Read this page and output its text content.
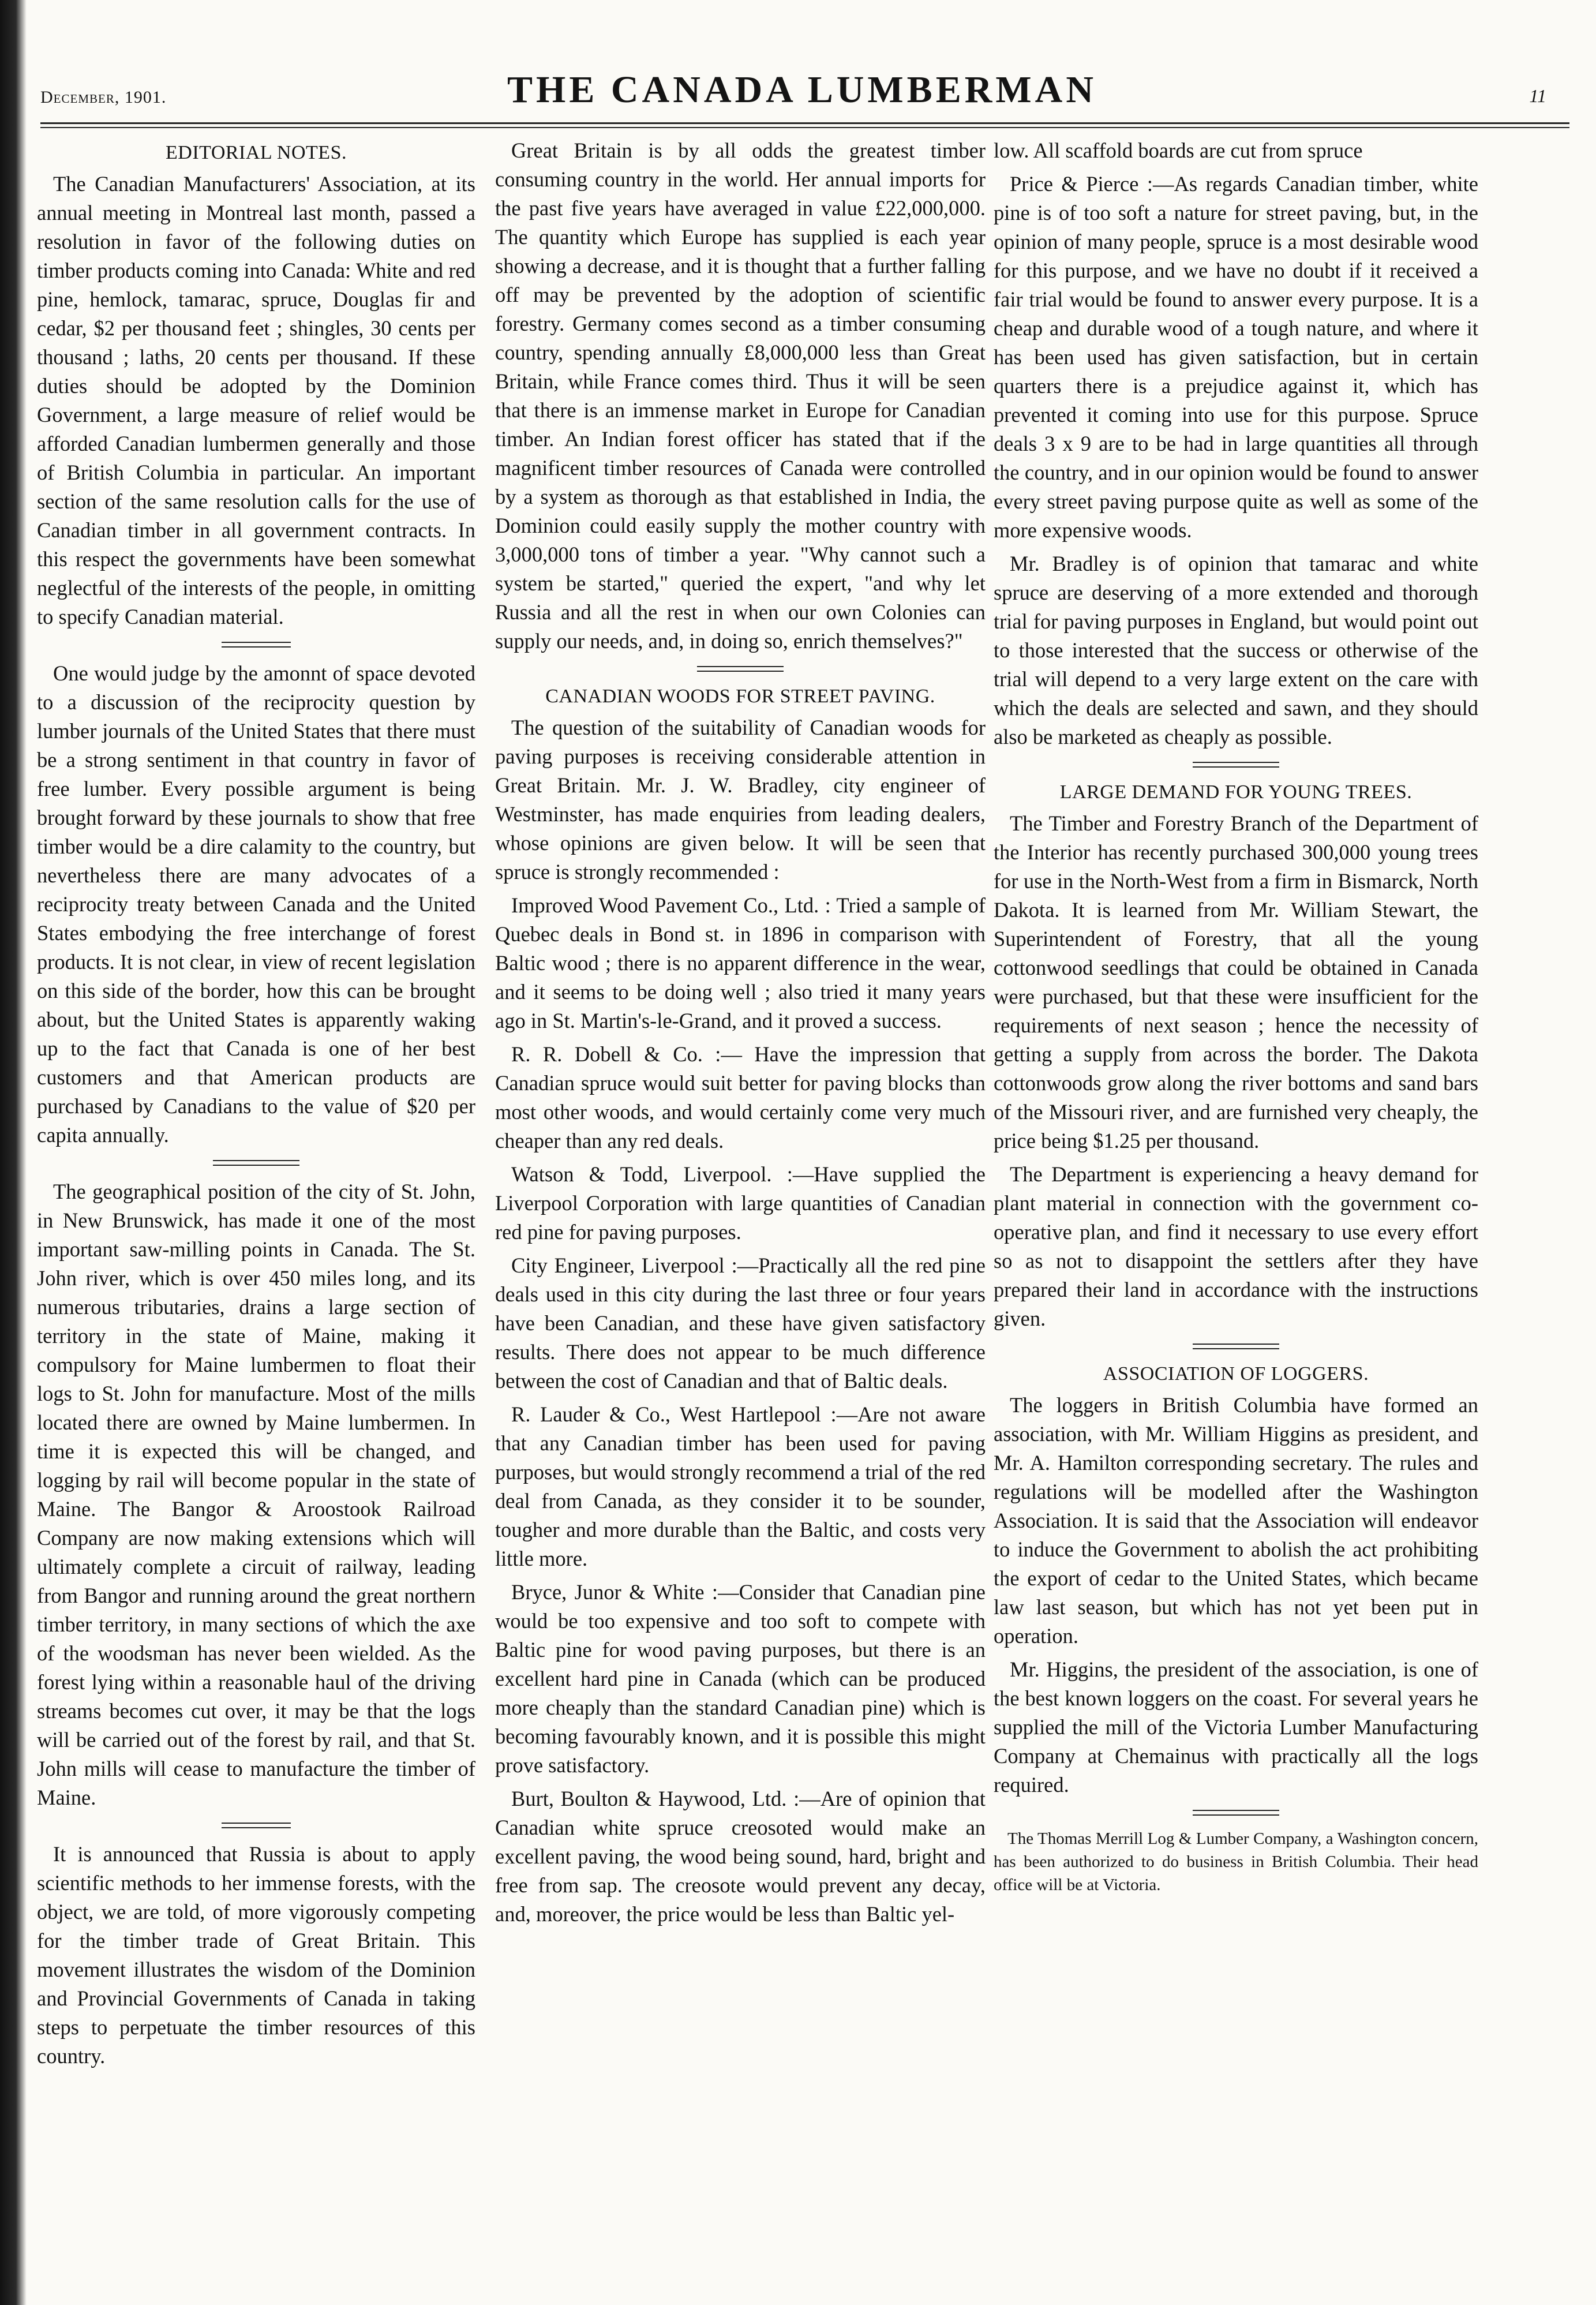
December, 1901.	THE CANADA LUMBERMAN	11
EDITORIAL NOTES.

The Canadian Manufacturers' Association, at its annual meeting in Montreal last month, passed a resolution in favor of the following duties on timber products coming into Canada: White and red pine, hemlock, tamarac, spruce, Douglas fir and cedar, $2 per thousand feet ; shingles, 30 cents per thousand ; laths, 20 cents per thousand. If these duties should be adopted by the Dominion Government, a large measure of relief would be afforded Canadian lumbermen generally and those of British Columbia in particular. An important section of the same resolution calls for the use of Canadian timber in all government contracts. In this respect the governments have been somewhat neglectful of the interests of the people, in omitting to specify Canadian material.

One would judge by the amonnt of space devoted to a discussion of the reciprocity question by lumber journals of the United States that there must be a strong sentiment in that country in favor of free lumber. Every possible argument is being brought forward by these journals to show that free timber would be a dire calamity to the country, but nevertheless there are many advocates of a reciprocity treaty between Canada and the United States embodying the free interchange of forest products. It is not clear, in view of recent legislation on this side of the border, how this can be brought about, but the United States is apparently waking up to the fact that Canada is one of her best customers and that American products are purchased by Canadians to the value of $20 per capita annually.

The geographical position of the city of St. John, in New Brunswick, has made it one of the most important saw-milling points in Canada. The St. John river, which is over 450 miles long, and its numerous tributaries, drains a large section of territory in the state of Maine, making it compulsory for Maine lumbermen to float their logs to St. John for manufacture. Most of the mills located there are owned by Maine lumbermen. In time it is expected this will be changed, and logging by rail will become popular in the state of Maine. The Bangor & Aroostook Railroad Company are now making extensions which will ultimately complete a circuit of railway, leading from Bangor and running around the great northern timber territory, in many sections of which the axe of the woodsman has never been wielded. As the forest lying within a reasonable haul of the driving streams becomes cut over, it may be that the logs will be carried out of the forest by rail, and that St. John mills will cease to manufacture the timber of Maine.

It is announced that Russia is about to apply scientific methods to her immense forests, with the object, we are told, of more vigorously competing for the timber trade of Great Britain. This movement illustrates the wisdom of the Dominion and Provincial Governments of Canada in taking steps to perpetuate the timber resources of this country.

Great Britain is by all odds the greatest timber consuming country in the world. Her annual imports for the past five years have averaged in value £22,000,000. The quantity which Europe has supplied is each year showing a decrease, and it is thought that a further falling off may be prevented by the adoption of scientific forestry. Germany comes second as a timber consuming country, spending annually £8,000,000 less than Great Britain, while France comes third. Thus it will be seen that there is an immense market in Europe for Canadian timber. An Indian forest officer has stated that if the magnificent timber resources of Canada were controlled by a system as thorough as that established in India, the Dominion could easily supply the mother country with 3,000,000 tons of timber a year. "Why cannot such a system be started," queried the expert, "and why let Russia and all the rest in when our own Colonies can supply our needs, and, in doing so, enrich themselves?"

CANADIAN WOODS FOR STREET PAVING.

The question of the suitability of Canadian woods for paving purposes is receiving considerable attention in Great Britain. Mr. J. W. Bradley, city engineer of Westminster, has made enquiries from leading dealers, whose opinions are given below. It will be seen that spruce is strongly recommended :

Improved Wood Pavement Co., Ltd. : Tried a sample of Quebec deals in Bond st. in 1896 in comparison with Baltic wood ; there is no apparent difference in the wear, and it seems to be doing well ; also tried it many years ago in St. Martin's-le-Grand, and it proved a success.

R. R. Dobell & Co. :— Have the impression that Canadian spruce would suit better for paving blocks than most other woods, and would certainly come very much cheaper than any red deals.

Watson & Todd, Liverpool. :—Have supplied the Liverpool Corporation with large quantities of Canadian red pine for paving purposes.

City Engineer, Liverpool :—Practically all the red pine deals used in this city during the last three or four years have been Canadian, and these have given satisfactory results. There does not appear to be much difference between the cost of Canadian and that of Baltic deals.

R. Lauder & Co., West Hartlepool :—Are not aware that any Canadian timber has been used for paving purposes, but would strongly recommend a trial of the red deal from Canada, as they consider it to be sounder, tougher and more durable than the Baltic, and costs very little more.

Bryce, Junor & White :—Consider that Canadian pine would be too expensive and too soft to compete with Baltic pine for wood paving purposes, but there is an excellent hard pine in Canada (which can be produced more cheaply than the standard Canadian pine) which is becoming favourably known, and it is possible this might prove satisfactory.

Burt, Boulton & Haywood, Ltd. :—Are of opinion that Canadian white spruce creosoted would make an excellent paving, the wood being sound, hard, bright and free from sap. The creosote would prevent any decay, and, moreover, the price would be less than Baltic yel-

low. All scaffold boards are cut from spruce

Price & Pierce :—As regards Canadian timber, white pine is of too soft a nature for street paving, but, in the opinion of many people, spruce is a most desirable wood for this purpose, and we have no doubt if it received a fair trial would be found to answer every purpose. It is a cheap and durable wood of a tough nature, and where it has been used has given satisfaction, but in certain quarters there is a prejudice against it, which has prevented it coming into use for this purpose. Spruce deals 3 x 9 are to be had in large quantities all through the country, and in our opinion would be found to answer every street paving purpose quite as well as some of the more expensive woods.

Mr. Bradley is of opinion that tamarac and white spruce are deserving of a more extended and thorough trial for paving purposes in England, but would point out to those interested that the success or otherwise of the trial will depend to a very large extent on the care with which the deals are selected and sawn, and they should also be marketed as cheaply as possible.

LARGE DEMAND FOR YOUNG TREES.

The Timber and Forestry Branch of the Department of the Interior has recently purchased 300,000 young trees for use in the North-West from a firm in Bismarck, North Dakota. It is learned from Mr. William Stewart, the Superintendent of Forestry, that all the young cottonwood seedlings that could be obtained in Canada were purchased, but that these were insufficient for the requirements of next season ; hence the necessity of getting a supply from across the border. The Dakota cottonwoods grow along the river bottoms and sand bars of the Missouri river, and are furnished very cheaply, the price being $1.25 per thousand.

The Department is experiencing a heavy demand for plant material in connection with the government co-operative plan, and find it necessary to use every effort so as not to disappoint the settlers after they have prepared their land in accordance with the instructions given.

ASSOCIATION OF LOGGERS.

The loggers in British Columbia have formed an association, with Mr. William Higgins as president, and Mr. A. Hamilton corresponding secretary. The rules and regulations will be modelled after the Washington Association. It is said that the Association will endeavor to induce the Government to abolish the act prohibiting the export of cedar to the United States, which became law last season, but which has not yet been put in operation.

Mr. Higgins, the president of the association, is one of the best known loggers on the coast. For several years he supplied the mill of the Victoria Lumber Manufacturing Company at Chemainus with practically all the logs required.

The Thomas Merrill Log & Lumber Company, a Washington concern, has been authorized to do business in British Columbia. Their head office will be at Victoria.
